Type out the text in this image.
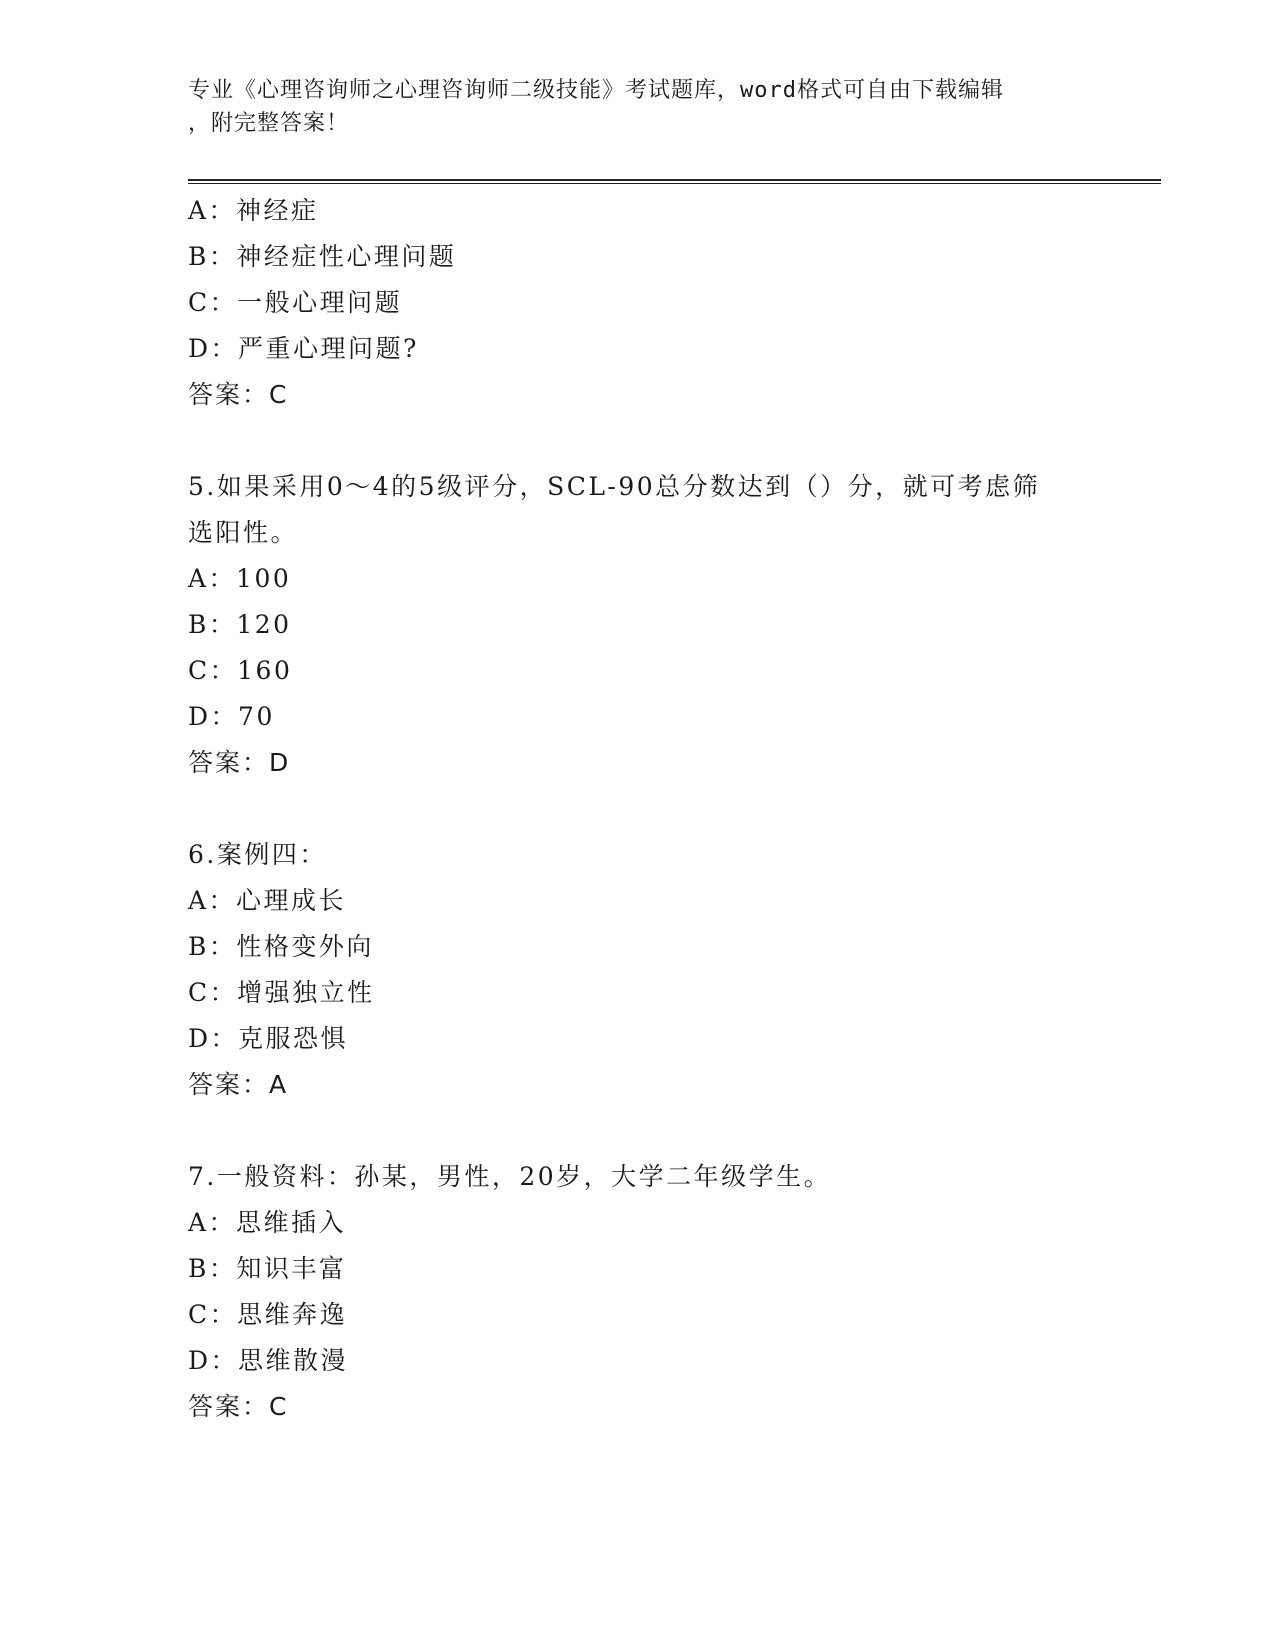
专业《心理咨询师之心理咨询师二级技能》考试题库，word格式可自由下载编辑
，附完整答案！
A：神经症
B：神经症性心理问题
C：一般心理问题
D：严重心理问题?
答案：C
5.如果采用0～4的5级评分，SCL-90总分数达到（）分，就可考虑筛
选阳性。
A：100
B：120
C：160
D：70
答案：D
6.案例四：
A：心理成长
B：性格变外向
C：增强独立性
D：克服恐惧
答案：A
7.一般资料：孙某，男性，20岁，大学二年级学生。
A：思维插入
B：知识丰富
C：思维奔逸
D：思维散漫
答案：C
